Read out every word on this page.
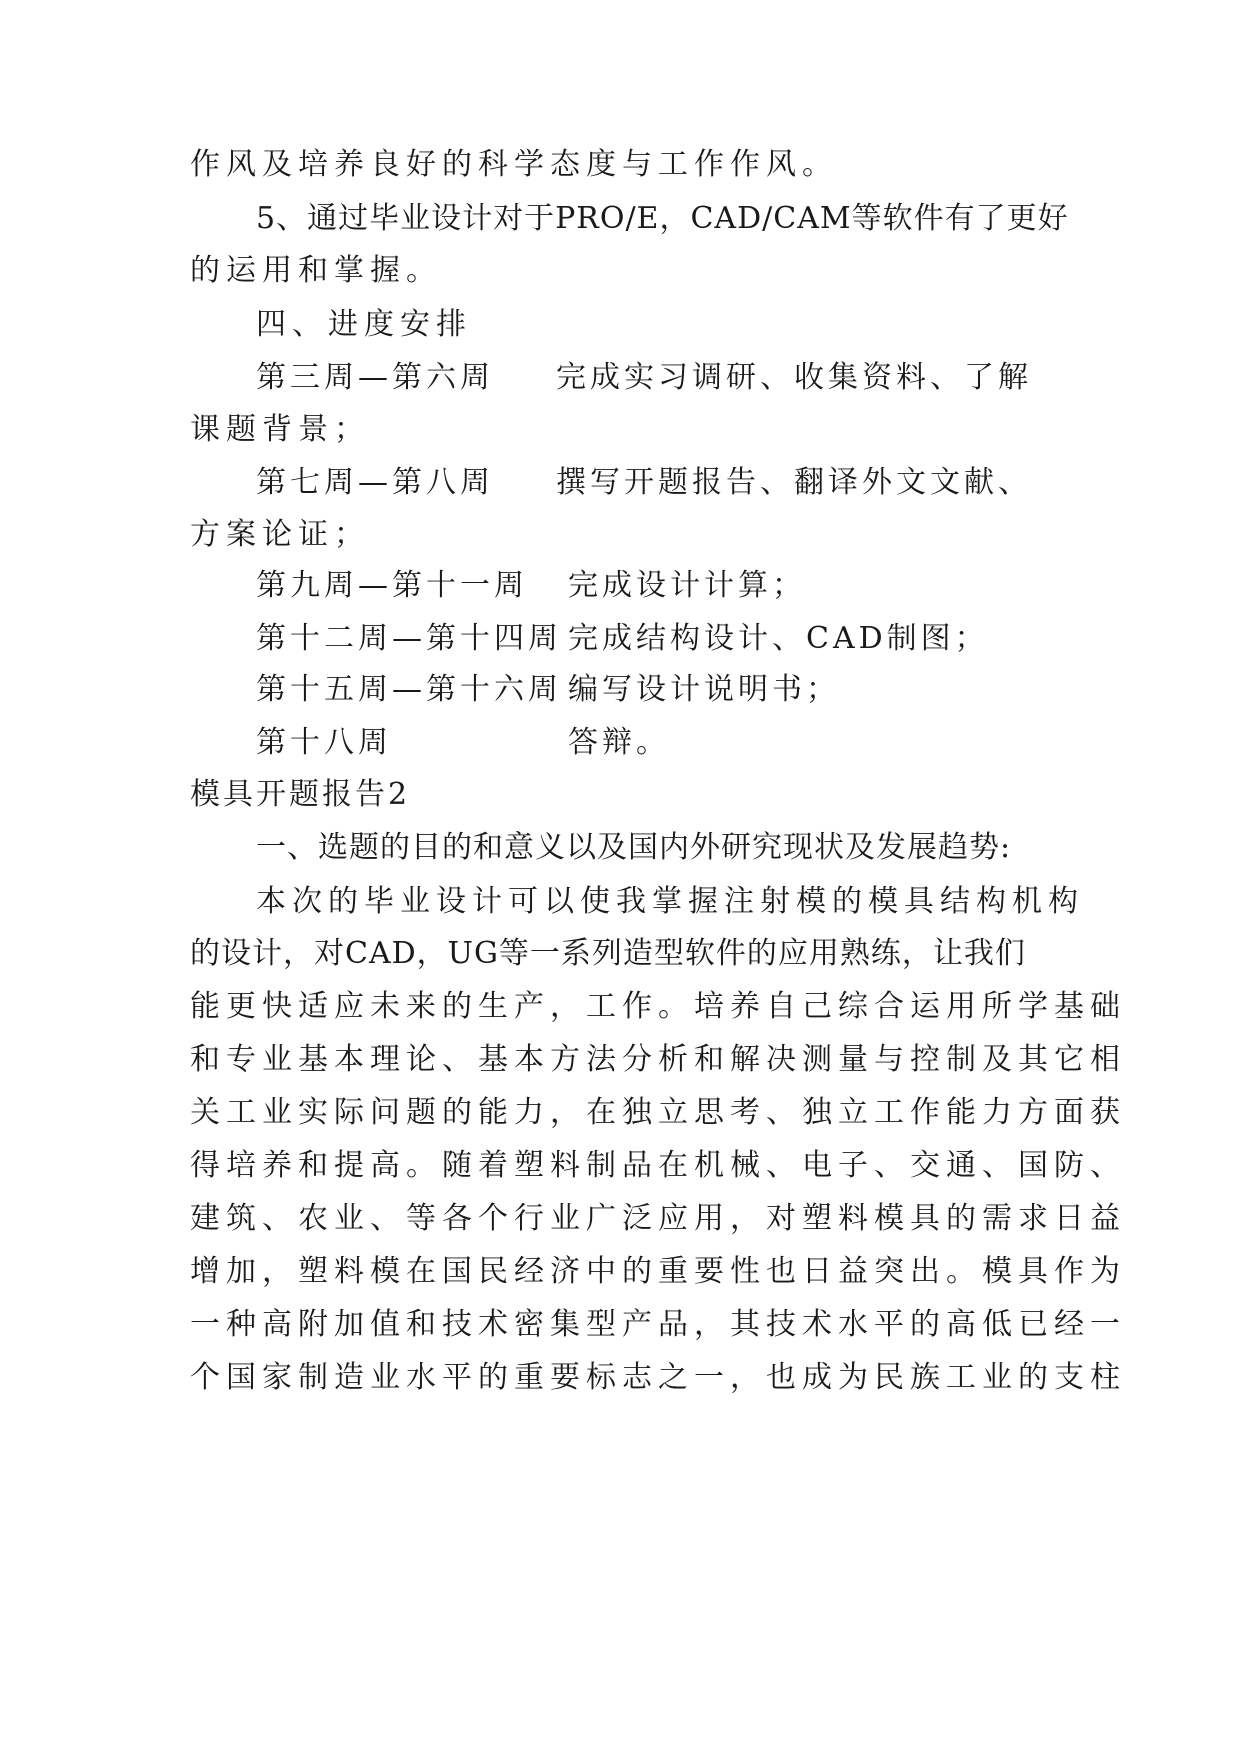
作风及培养良好的科学态度与工作作风。
5、通过毕业设计对于PRO/E，CAD/CAM等软件有了更好
的运用和掌握。
四、进度安排
第三周—第六周 完成实习调研、收集资料、了解
课题背景；
第七周—第八周 撰写开题报告、翻译外文文献、
方案论证；
第九周—第十一周 完成设计计算；
第十二周—第十四周 完成结构设计、CAD制图；
第十五周—第十六周 编写设计说明书；
第十八周	答辩。
模具开题报告2
一、选题的目的和意义以及国内外研究现状及发展趋势:
本次的毕业设计可以使我掌握注射模的模具结构机构
的设计，对CAD，UG等一系列造型软件的应用熟练，让我们
能更快适应未来的生产，工作。培养自己综合运用所学基础
和专业基本理论、基本方法分析和解决测量与控制及其它相
关工业实际问题的能力，在独立思考、独立工作能力方面获
得培养和提高。随着塑料制品在机械、电子、交通、国防、
建筑、农业、等各个行业广泛应用，对塑料模具的需求日益
增加，塑料模在国民经济中的重要性也日益突出。模具作为
一种高附加值和技术密集型产品，其技术水平的高低已经一
个国家制造业水平的重要标志之一，也成为民族工业的支柱
